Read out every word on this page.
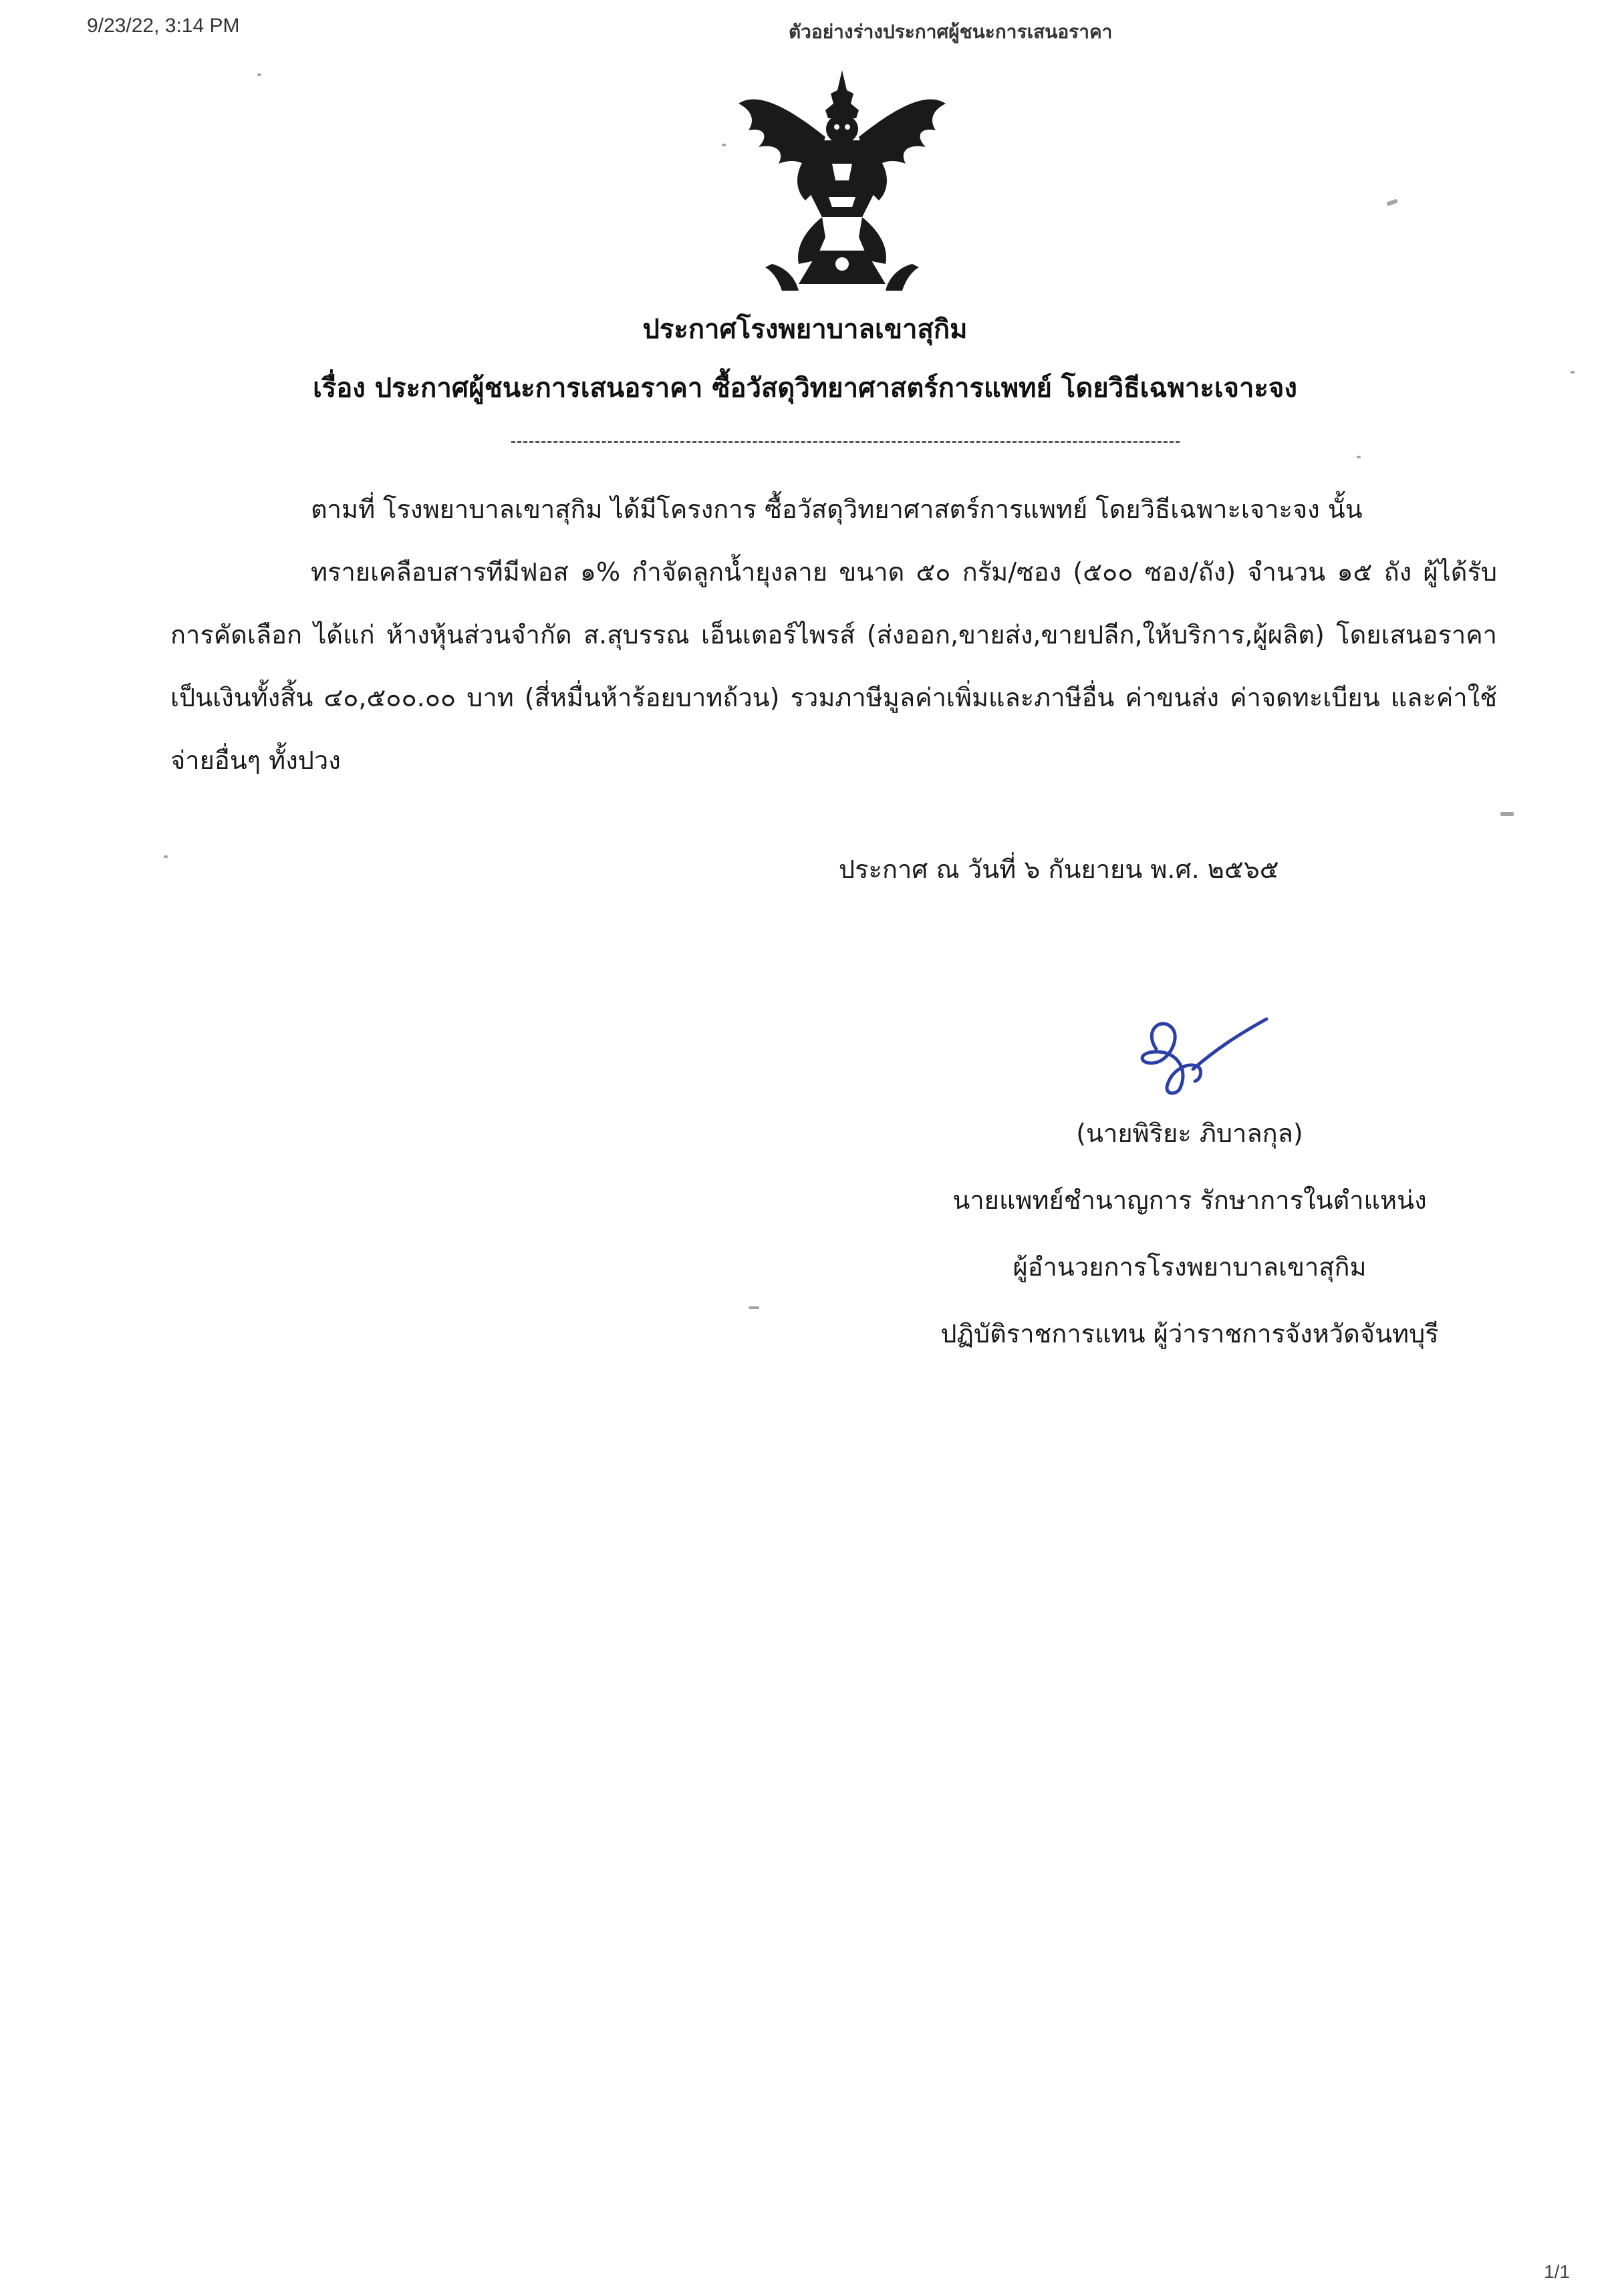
9/23/22, 3:14 PM	ตัวอย่างร่างประกาศผู้ชนะการเสนอราคา
ประกาศโรงพยาบาลเขาสุกิม
เรื่อง ประกาศผู้ชนะการเสนอราคา ซื้อวัสดุวิทยาศาสตร์การแพทย์ โดยวิธีเฉพาะเจาะจง

ตามที่ โรงพยาบาลเขาสุกิม ได้มีโครงการ ซื้อวัสดุวิทยาศาสตร์การแพทย์ โดยวิธีเฉพาะเจาะจง นั้น

ทรายเคลือบสารทีมีฟอส ๑% กำจัดลูกน้ำยุงลาย ขนาด ๕๐ กรัม/ซอง (๕๐๐ ซอง/ถัง) จำนวน ๑๕ ถัง ผู้ได้รับการคัดเลือก ได้แก่ ห้างหุ้นส่วนจำกัด ส.สุบรรณ เอ็นเตอร์ไพรส์ (ส่งออก,ขายส่ง,ขายปลีก,ให้บริการ,ผู้ผลิต) โดยเสนอราคา เป็นเงินทั้งสิ้น ๔๐,๕๐๐.๐๐ บาท (สี่หมื่นห้าร้อยบาทถ้วน) รวมภาษีมูลค่าเพิ่มและภาษีอื่น ค่าขนส่ง ค่าจดทะเบียน และค่าใช้จ่ายอื่นๆ ทั้งปวง

ประกาศ ณ วันที่ ๖ กันยายน พ.ศ. ๒๕๖๕
(นายพิริยะ ภิบาลกุล)
นายแพทย์ชำนาญการ รักษาการในตำแหน่ง
ผู้อำนวยการโรงพยาบาลเขาสุกิม
ปฏิบัติราชการแทน ผู้ว่าราชการจังหวัดจันทบุรี
1/1
